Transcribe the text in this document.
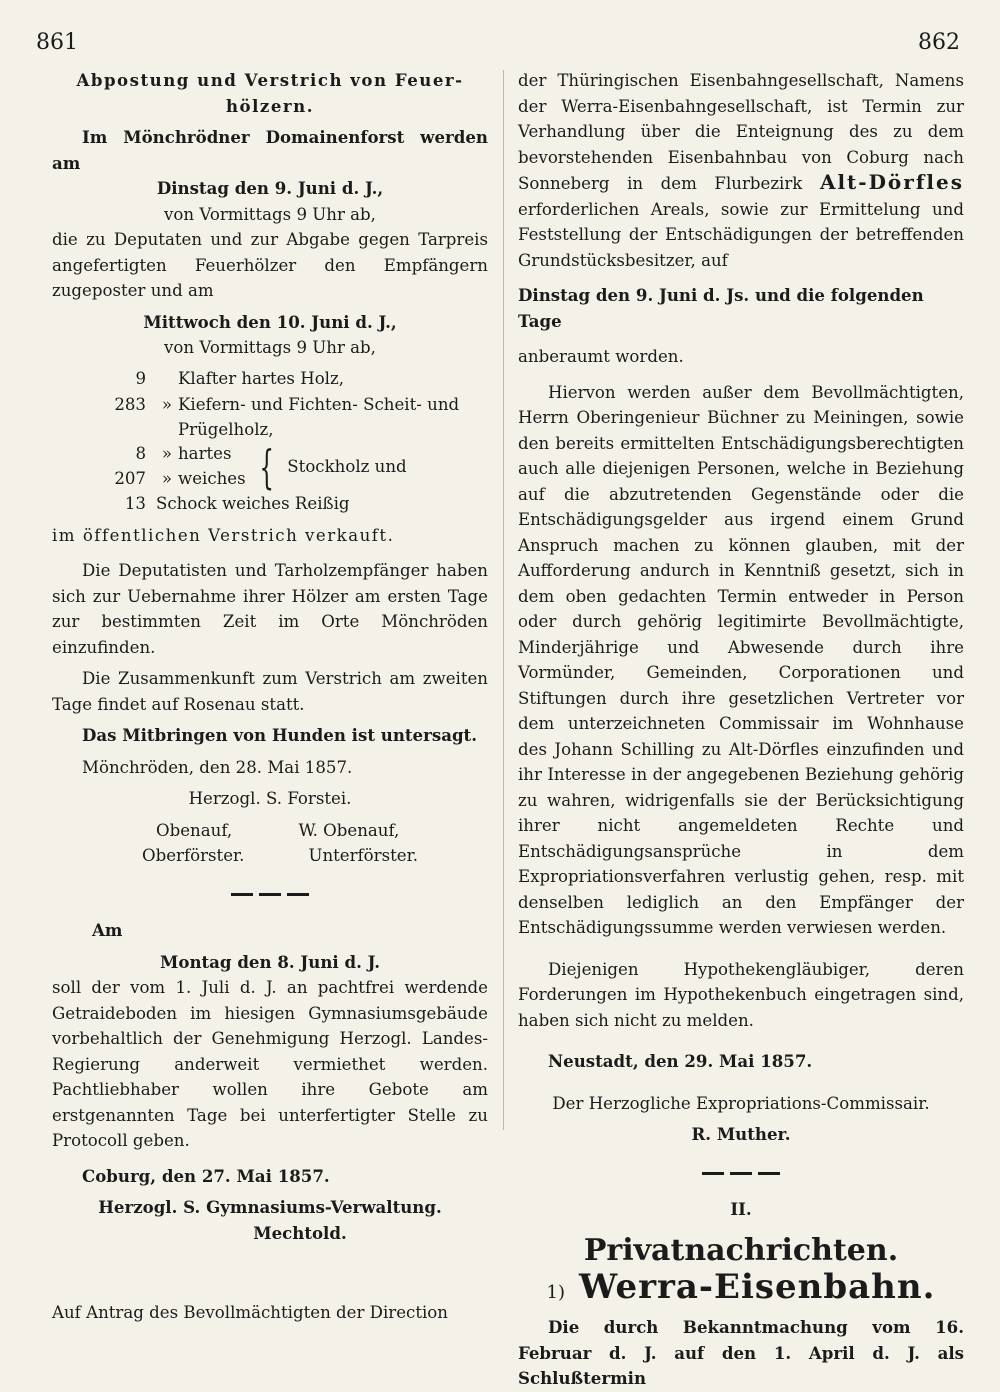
861	862

Abpostung und Verstrich von Feuer-

hölzern.

Im Mönchrödner Domainenforst werden am

Dinstag den 9. Juni d. J.,

von Vormittags 9 Uhr ab,

die zu Deputaten und zur Abgabe gegen Tarpreis angefertigten Feuerhölzer den Empfängern zugeposter und am

Mittwoch den 10. Juni d. J.,

von Vormittags 9 Uhr ab,

9	Klafter hartes Holz,
283 » Kiefern- und Fichten- Scheit- und Prügelholz,
8 » hartes
207 » weiches { Stockholz und
13 Schock weiches Reißig

im öffentlichen Verstrich verkauft.

Die Deputatisten und Tarholzempfänger haben sich zur Uebernahme ihrer Hölzer am ersten Tage zur bestimmten Zeit im Orte Mönchröden einzufinden.

Die Zusammenkunft zum Verstrich am zweiten Tage findet auf Rosenau statt.

Das Mitbringen von Hunden ist untersagt.

Mönchröden, den 28. Mai 1857.

Herzogl. S. Forstei.

Obenauf,
Oberförster.
W. Obenauf,
Unterförster.

Am

Montag den 8. Juni d. J.

soll der vom 1. Juli d. J. an pachtfrei werdende Getraideboden im hiesigen Gymnasiumsgebäude vorbehaltlich der Genehmigung Herzogl. Landes-Regierung anderweit vermiethet werden. Pachtliebhaber wollen ihre Gebote am erstgenannten Tage bei unterfertigter Stelle zu Protocoll geben.

Coburg, den 27. Mai 1857.

Herzogl. S. Gymnasiums-Verwaltung.

Mechtold.

Auf Antrag des Bevollmächtigten der Direction

der Thüringischen Eisenbahngesellschaft, Namens der Werra-Eisenbahngesellschaft, ist Termin zur Verhandlung über die Enteignung des zu dem bevorstehenden Eisenbahnbau von Coburg nach Sonneberg in dem Flurbezirk Alt-Dörfles erforderlichen Areals, sowie zur Ermittelung und Feststellung der Entschädigungen der betreffenden Grundstücksbesitzer, auf

Dinstag den 9. Juni d. Js. und die folgenden Tage

anberaumt worden.

Hiervon werden außer dem Bevollmächtigten, Herrn Oberingenieur Büchner zu Meiningen, sowie den bereits ermittelten Entschädigungsberechtigten auch alle diejenigen Personen, welche in Beziehung auf die abzutretenden Gegenstände oder die Entschädigungsgelder aus irgend einem Grund Anspruch machen zu können glauben, mit der Aufforderung andurch in Kenntniß gesetzt, sich in dem oben gedachten Termin entweder in Person oder durch gehörig legitimirte Bevollmächtigte, Minderjährige und Abwesende durch ihre Vormünder, Gemeinden, Corporationen und Stiftungen durch ihre gesetzlichen Vertreter vor dem unterzeichneten Commissair im Wohnhause des Johann Schilling zu Alt-Dörfles einzufinden und ihr Interesse in der angegebenen Beziehung gehörig zu wahren, widrigenfalls sie der Berücksichtigung ihrer nicht angemeldeten Rechte und Entschädigungsansprüche in dem Expropriationsverfahren verlustig gehen, resp. mit denselben lediglich an den Empfänger der Entschädigungssumme werden verwiesen werden.

Diejenigen Hypothekengläubiger, deren Forderungen im Hypothekenbuch eingetragen sind, haben sich nicht zu melden.

Neustadt, den 29. Mai 1857.

Der Herzogliche Expropriations-Commissair.

R. Muther.

II.

Privatnachrichten.

1) Werra-Eisenbahn.

Die durch Bekanntmachung vom 16. Februar d. J. auf den 1. April d. J. als Schlußtermin
